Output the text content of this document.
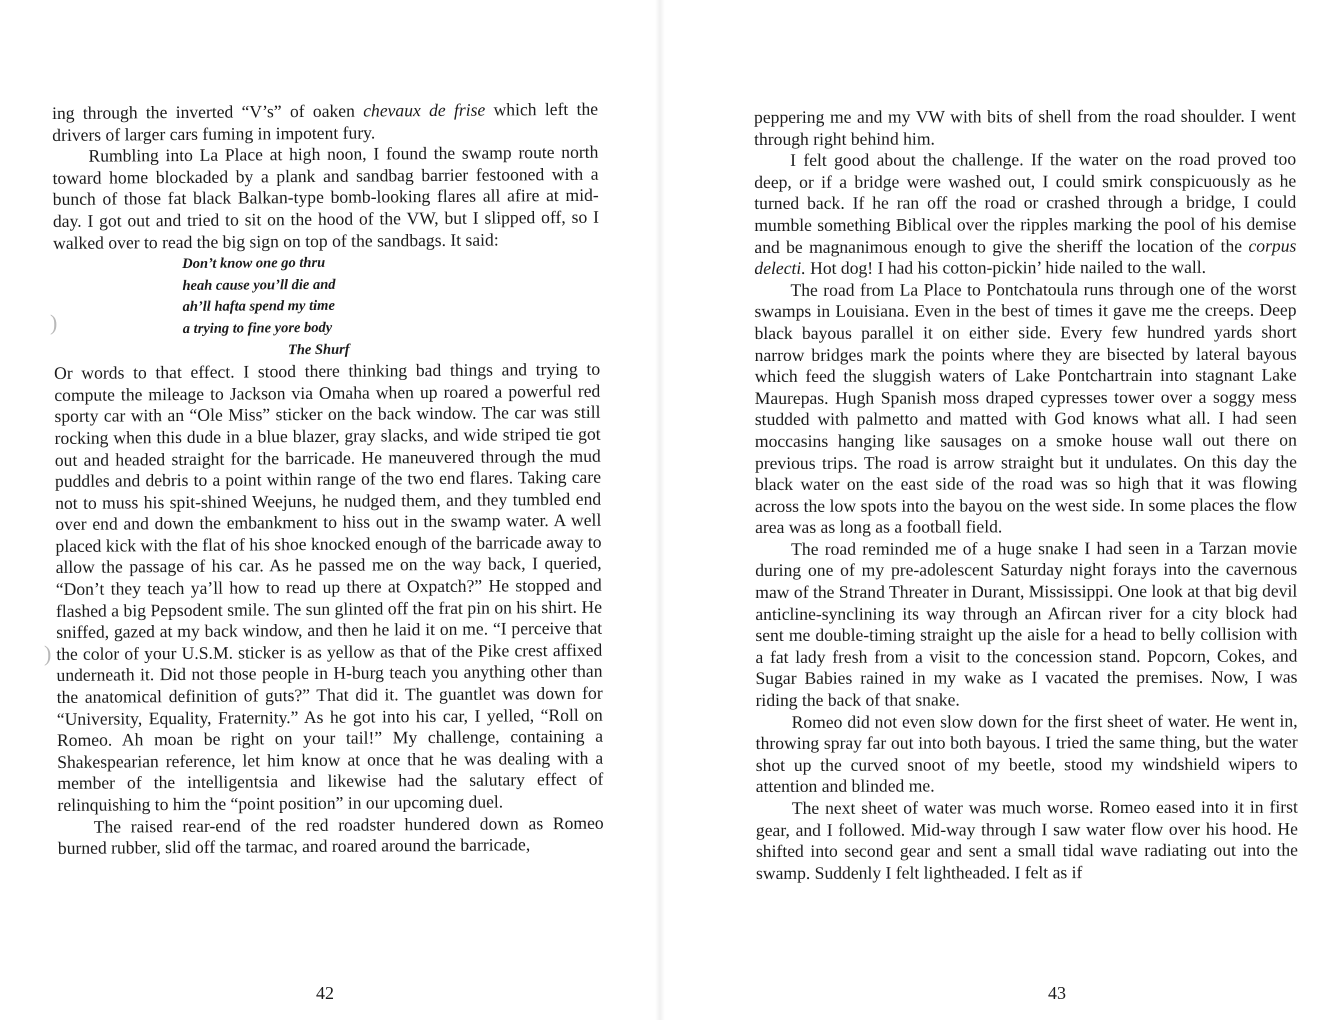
ing through the inverted “V’s” of oaken chevaux de frise which left the drivers of larger cars fuming in impotent fury.

Rumbling into La Place at high noon, I found the swamp route north toward home blockaded by a plank and sandbag barrier festooned with a bunch of those fat black Balkan-type bomb-looking flares all afire at mid-day. I got out and tried to sit on the hood of the VW, but I slipped off, so I walked over to read the big sign on top of the sandbags. It said:

Don’t know one go thru
heah cause you’ll die and
ah’ll hafta spend my time
a trying to fine yore body
The Shurf

Or words to that effect. I stood there thinking bad things and trying to compute the mileage to Jackson via Omaha when up roared a powerful red sporty car with an “Ole Miss” sticker on the back window. The car was still rocking when this dude in a blue blazer, gray slacks, and wide striped tie got out and headed straight for the barricade. He maneuvered through the mud puddles and debris to a point within range of the two end flares. Taking care not to muss his spit-shined Weejuns, he nudged them, and they tumbled end over end and down the embankment to hiss out in the swamp water. A well placed kick with the flat of his shoe knocked enough of the barricade away to allow the passage of his car. As he passed me on the way back, I queried, “Don’t they teach ya’ll how to read up there at Oxpatch?” He stopped and flashed a big Pepsodent smile. The sun glinted off the frat pin on his shirt. He sniffed, gazed at my back window, and then he laid it on me. “I perceive that the color of your U.S.M. sticker is as yellow as that of the Pike crest affixed underneath it. Did not those people in H-burg teach you anything other than the anatomical definition of guts?” That did it. The guantlet was down for “University, Equality, Fraternity.” As he got into his car, I yelled, “Roll on Romeo. Ah moan be right on your tail!” My challenge, containing a Shakespearian reference, let him know at once that he was dealing with a member of the intelligentsia and likewise had the salutary effect of relinquishing to him the “point position” in our upcoming duel.

The raised rear-end of the red roadster hundered down as Romeo burned rubber, slid off the tarmac, and roared around the barricade,

42
)
)

peppering me and my VW with bits of shell from the road shoulder. I went through right behind him.

I felt good about the challenge. If the water on the road proved too deep, or if a bridge were washed out, I could smirk conspicuously as he turned back. If he ran off the road or crashed through a bridge, I could mumble something Biblical over the ripples marking the pool of his demise and be magnanimous enough to give the sheriff the location of the corpus delecti. Hot dog! I had his cotton-pickin’ hide nailed to the wall.

The road from La Place to Pontchatoula runs through one of the worst swamps in Louisiana. Even in the best of times it gave me the creeps. Deep black bayous parallel it on either side. Every few hundred yards short narrow bridges mark the points where they are bisected by lateral bayous which feed the sluggish waters of Lake Pontchartrain into stagnant Lake Maurepas. Hugh Spanish moss draped cypresses tower over a soggy mess studded with palmetto and matted with God knows what all. I had seen moccasins hanging like sausages on a smoke house wall out there on previous trips. The road is arrow straight but it undulates. On this day the black water on the east side of the road was so high that it was flowing across the low spots into the bayou on the west side. In some places the flow area was as long as a football field.

The road reminded me of a huge snake I had seen in a Tarzan movie during one of my pre-adolescent Saturday night forays into the cavernous maw of the Strand Threater in Durant, Mississippi. One look at that big devil anticline-synclining its way through an Afircan river for a city block had sent me double-timing straight up the aisle for a head to belly collision with a fat lady fresh from a visit to the concession stand. Popcorn, Cokes, and Sugar Babies rained in my wake as I vacated the premises. Now, I was riding the back of that snake.

Romeo did not even slow down for the first sheet of water. He went in, throwing spray far out into both bayous. I tried the same thing, but the water shot up the curved snoot of my beetle, stood my windshield wipers to attention and blinded me.

The next sheet of water was much worse. Romeo eased into it in first gear, and I followed. Mid-way through I saw water flow over his hood. He shifted into second gear and sent a small tidal wave radiating out into the swamp. Suddenly I felt lightheaded. I felt as if

43
